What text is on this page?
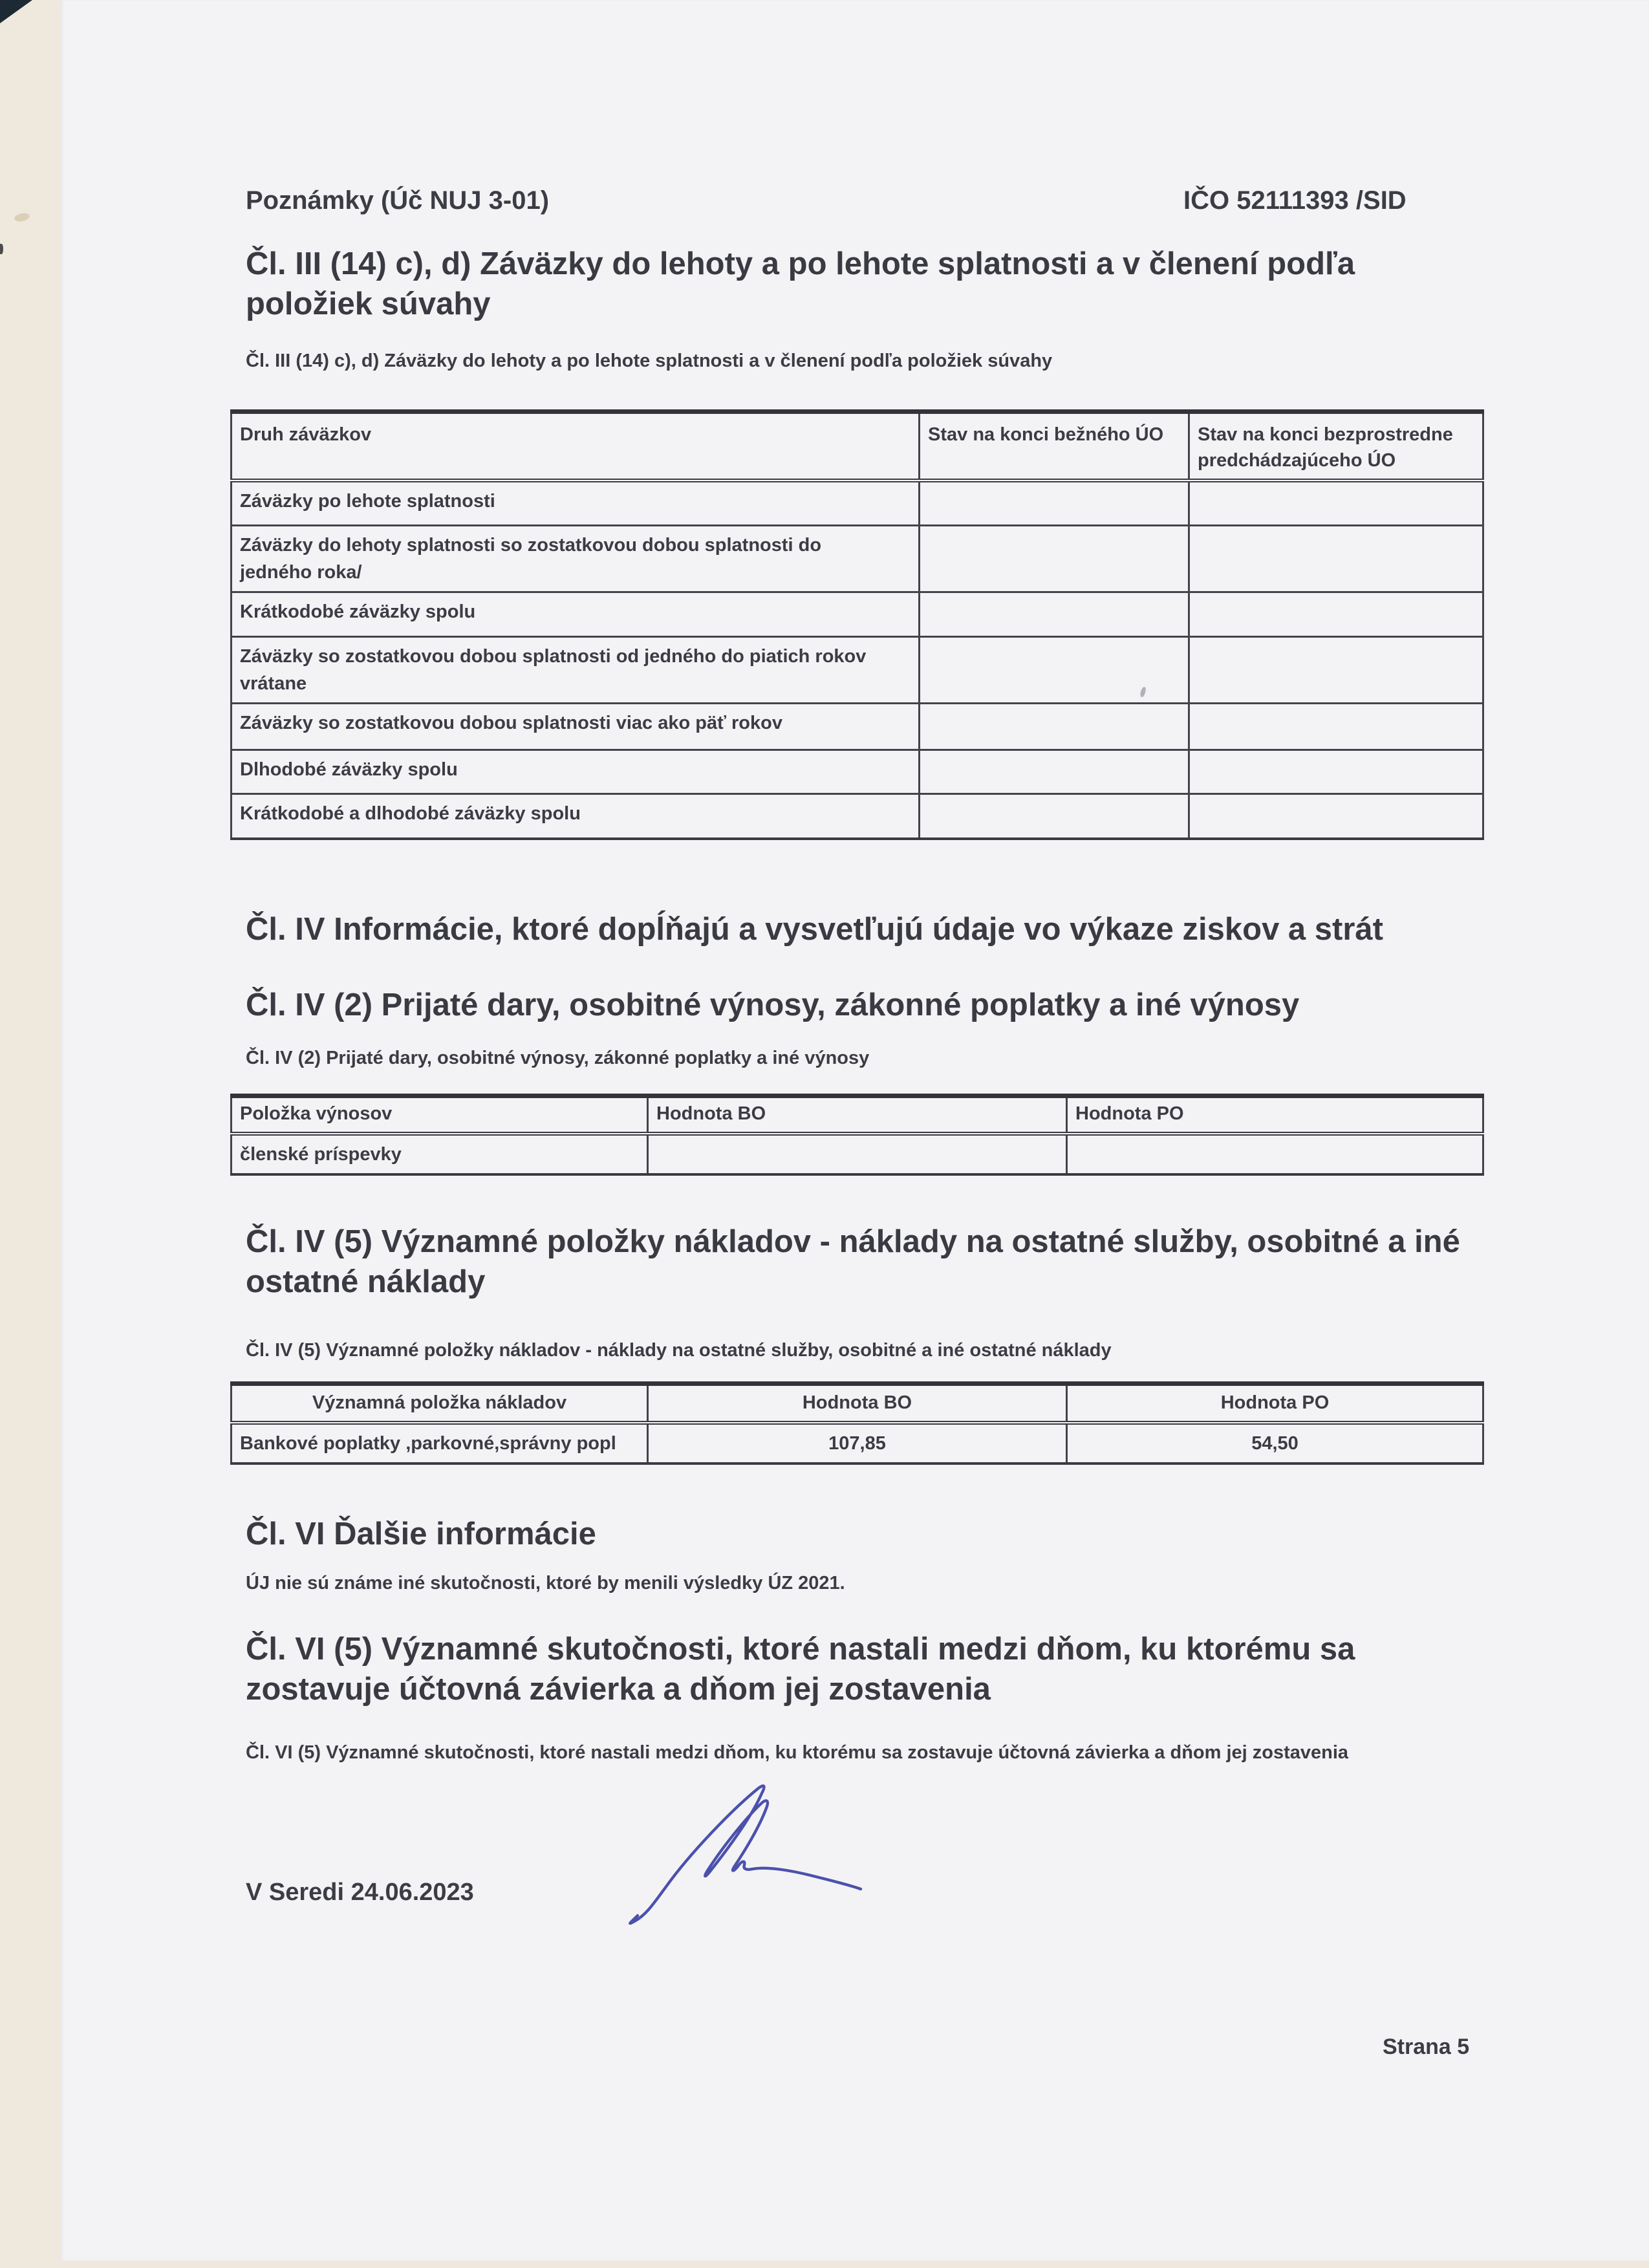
Poznámky (Úč NUJ 3-01)	IČO 52111393 /SID
Čl. III (14) c), d) Záväzky do lehoty a po lehote splatnosti a v členení podľa položiek súvahy
Čl. III (14) c), d) Záväzky do lehoty a po lehote splatnosti a v členení podľa položiek súvahy
Druh záväzkov	Stav na konci bežného ÚO	Stav na konci bezprostredne predchádzajúceho ÚO
Záväzky po lehote splatnosti		
Záväzky do lehoty splatnosti so zostatkovou dobou splatnosti do jedného roka/		
Krátkodobé záväzky spolu		
Záväzky so zostatkovou dobou splatnosti od jedného do piatich rokov vrátane		
Záväzky so zostatkovou dobou splatnosti viac ako päť rokov		
Dlhodobé záväzky spolu		
Krátkodobé a dlhodobé záväzky spolu		
Čl. IV Informácie, ktoré dopĺňajú a vysvetľujú údaje vo výkaze ziskov a strát
Čl. IV (2) Prijaté dary, osobitné výnosy, zákonné poplatky a iné výnosy
Čl. IV (2) Prijaté dary, osobitné výnosy, zákonné poplatky a iné výnosy
Položka výnosov	Hodnota BO	Hodnota PO
členské príspevky		
Čl. IV (5) Významné položky nákladov - náklady na ostatné služby, osobitné a iné ostatné náklady
Čl. IV (5) Významné položky nákladov - náklady na ostatné služby, osobitné a iné ostatné náklady
Významná položka nákladov	Hodnota BO	Hodnota PO
Bankové poplatky ,parkovné,správny popl	107,85	54,50
Čl. VI Ďalšie informácie
ÚJ nie sú známe iné skutočnosti, ktoré by menili výsledky ÚZ 2021.
Čl. VI (5) Významné skutočnosti, ktoré nastali medzi dňom, ku ktorému sa zostavuje účtovná závierka a dňom jej zostavenia
Čl. VI (5) Významné skutočnosti, ktoré nastali medzi dňom, ku ktorému sa zostavuje účtovná závierka a dňom jej zostavenia
V Seredi 24.06.2023
Strana 5
